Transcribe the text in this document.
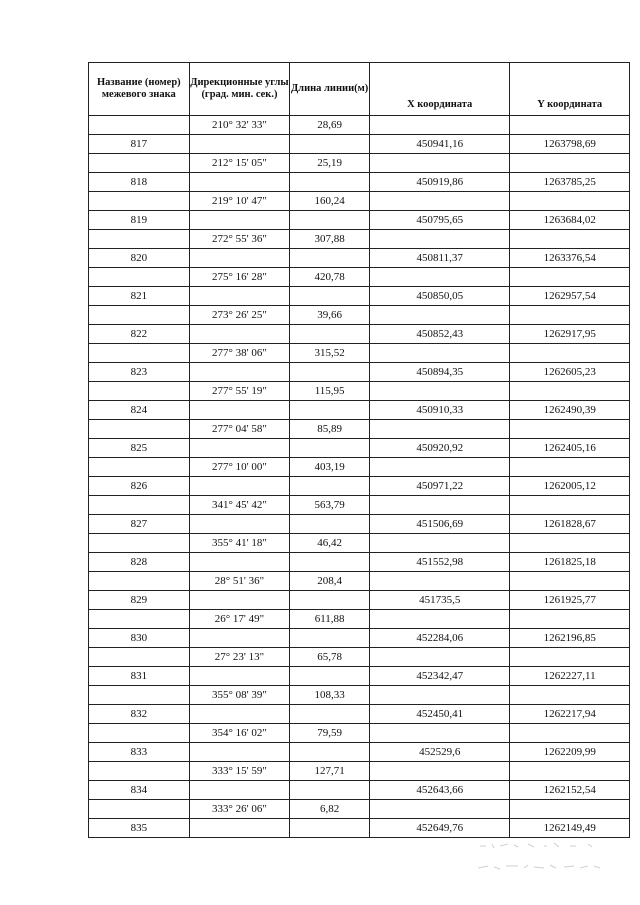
Название (номер) межевого знака	Дирекционные углы (град. мин. сек.)	Длина линии(м)	X координата	Y координата
	210° 32' 33"	28,69		
817			450941,16	1263798,69
	212° 15' 05"	25,19		
818			450919,86	1263785,25
	219° 10' 47"	160,24		
819			450795,65	1263684,02
	272° 55' 36"	307,88		
820			450811,37	1263376,54
	275° 16' 28"	420,78		
821			450850,05	1262957,54
	273° 26' 25"	39,66		
822			450852,43	1262917,95
	277° 38' 06"	315,52		
823			450894,35	1262605,23
	277° 55' 19"	115,95		
824			450910,33	1262490,39
	277° 04' 58"	85,89		
825			450920,92	1262405,16
	277° 10' 00"	403,19		
826			450971,22	1262005,12
	341° 45' 42"	563,79		
827			451506,69	1261828,67
	355° 41' 18"	46,42		
828			451552,98	1261825,18
	28° 51' 36"	208,4		
829			451735,5	1261925,77
	26° 17' 49"	611,88		
830			452284,06	1262196,85
	27° 23' 13"	65,78		
831			452342,47	1262227,11
	355° 08' 39"	108,33		
832			452450,41	1262217,94
	354° 16' 02"	79,59		
833			452529,6	1262209,99
	333° 15' 59"	127,71		
834			452643,66	1262152,54
	333° 26' 06"	6,82		
835			452649,76	1262149,49
